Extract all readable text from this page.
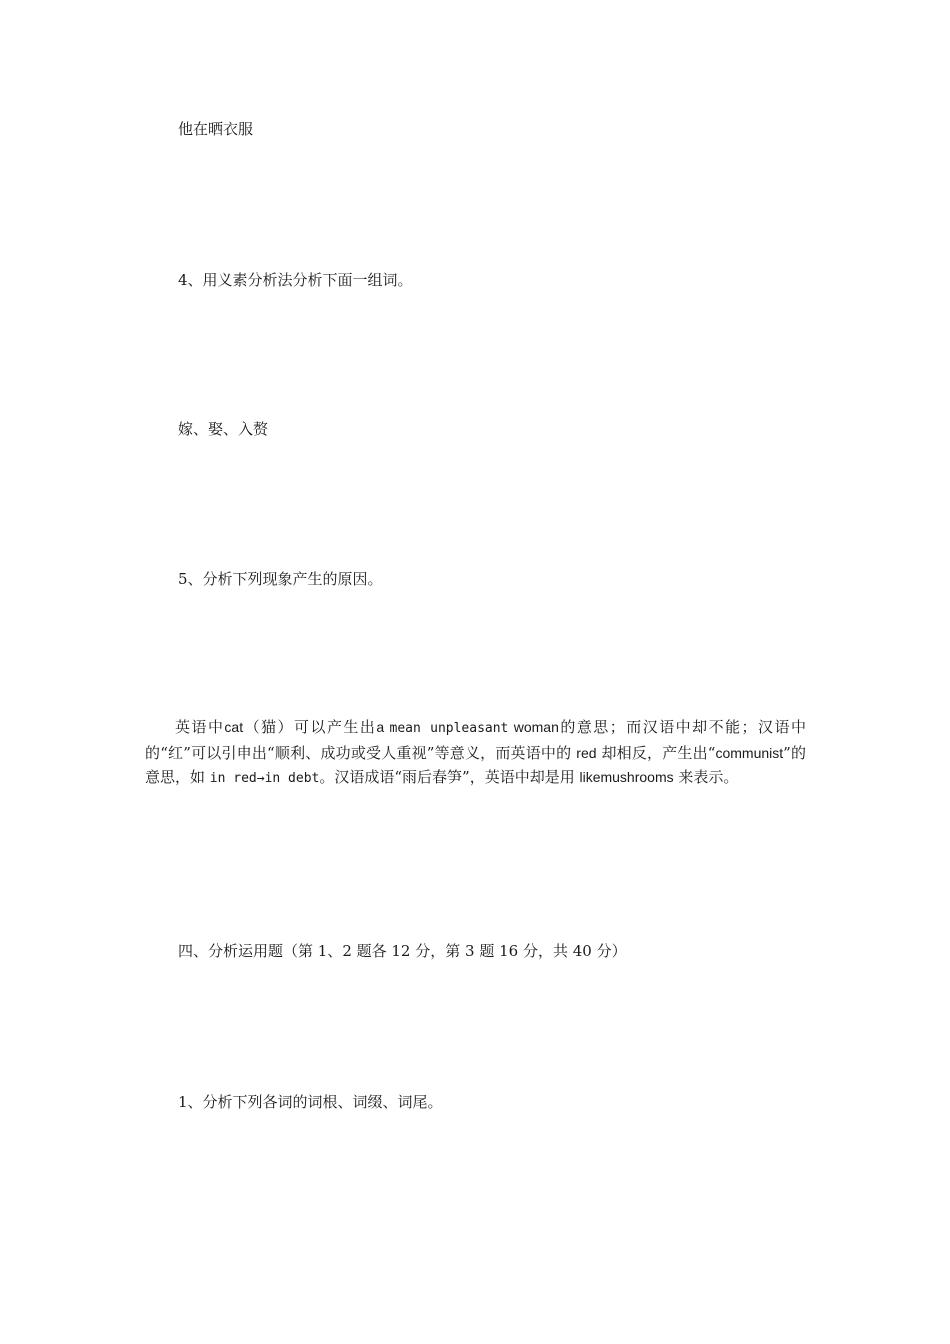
他在晒衣服

4、用义素分析法分析下面一组词。

嫁、娶、入赘

5、分析下列现象产生的原因。

英语中cat（猫）可以产生出a mean unpleasant woman的意思；而汉语中却不能；汉语中的“红”可以引申出“顺利、成功或受人重视”等意义，而英语中的 red 却相反，产生出“communist”的意思，如 in red→in debt。汉语成语“雨后春笋”，英语中却是用 likemushrooms 来表示。

四、分析运用题（第 1、2 题各 12 分，第 3 题 16 分，共 40 分）

1、分析下列各词的词根、词缀、词尾。
